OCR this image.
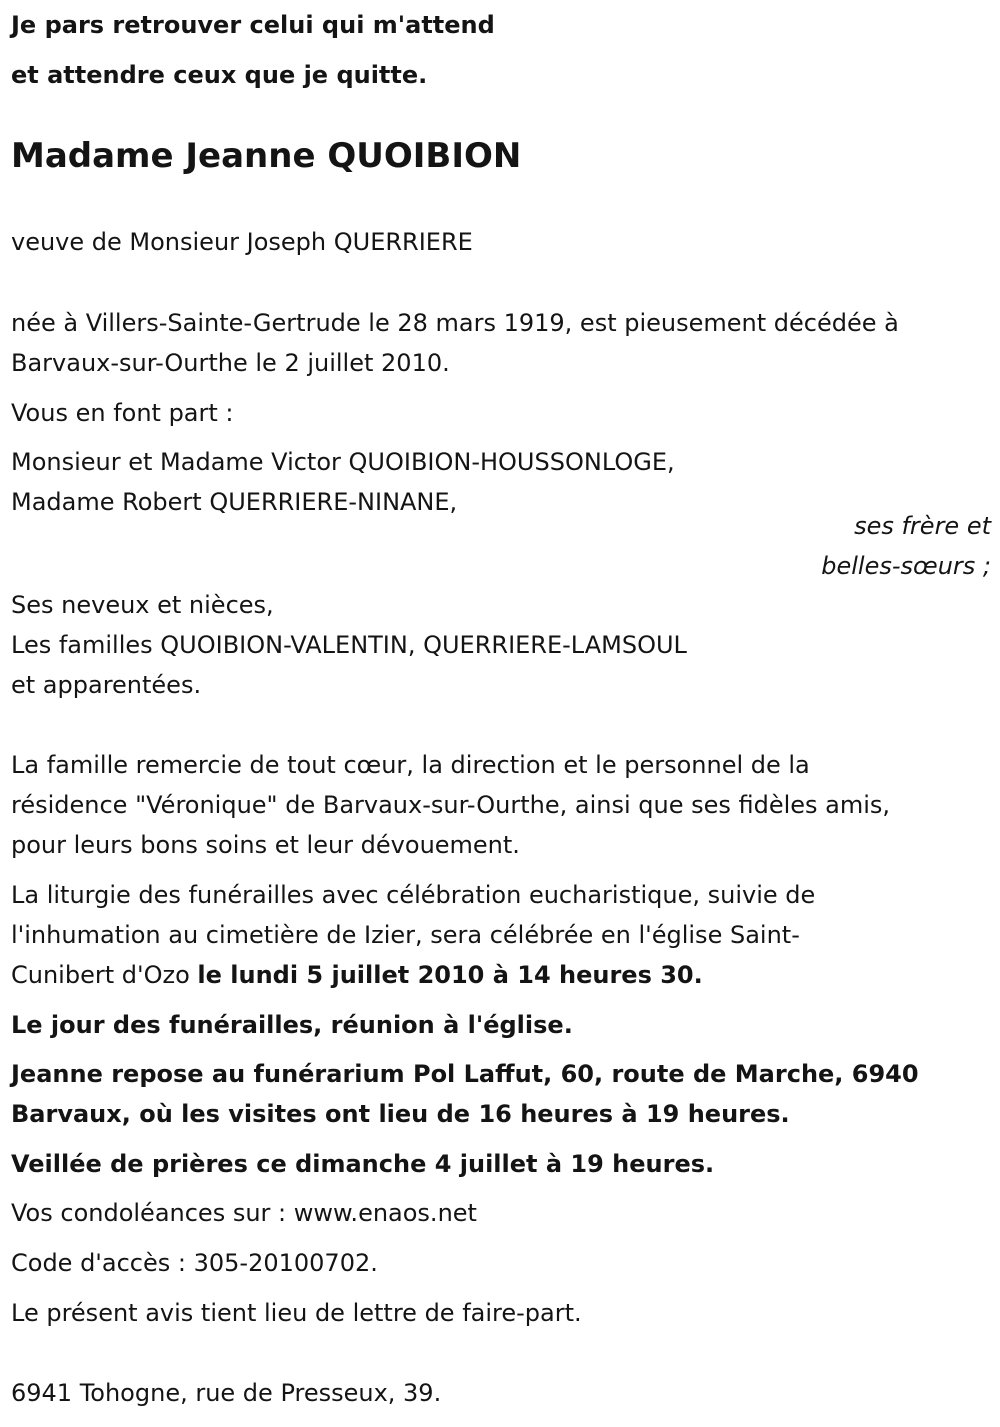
Je pars retrouver celui qui m'attend
et attendre ceux que je quitte.
Madame Jeanne QUOIBION
veuve de Monsieur Joseph QUERRIERE
née à Villers-Sainte-Gertrude le 28 mars 1919, est pieusement décédée à
Barvaux-sur-Ourthe le 2 juillet 2010.
Vous en font part :
Monsieur et Madame Victor QUOIBION-HOUSSONLOGE,
Madame Robert QUERRIERE-NINANE,
ses frère et
belles-sœurs ;
Ses neveux et nièces,
Les familles QUOIBION-VALENTIN, QUERRIERE-LAMSOUL
et apparentées.
La famille remercie de tout cœur, la direction et le personnel de la
résidence "Véronique" de Barvaux-sur-Ourthe, ainsi que ses fidèles amis,
pour leurs bons soins et leur dévouement.
La liturgie des funérailles avec célébration eucharistique, suivie de
l'inhumation au cimetière de Izier, sera célébrée en l'église Saint-
Cunibert d'Ozo le lundi 5 juillet 2010 à 14 heures 30.
Le jour des funérailles, réunion à l'église.
Jeanne repose au funérarium Pol Laffut, 60, route de Marche, 6940
Barvaux, où les visites ont lieu de 16 heures à 19 heures.
Veillée de prières ce dimanche 4 juillet à 19 heures.
Vos condoléances sur : www.enaos.net
Code d'accès : 305-20100702.
Le présent avis tient lieu de lettre de faire-part.
6941 Tohogne, rue de Presseux, 39.
